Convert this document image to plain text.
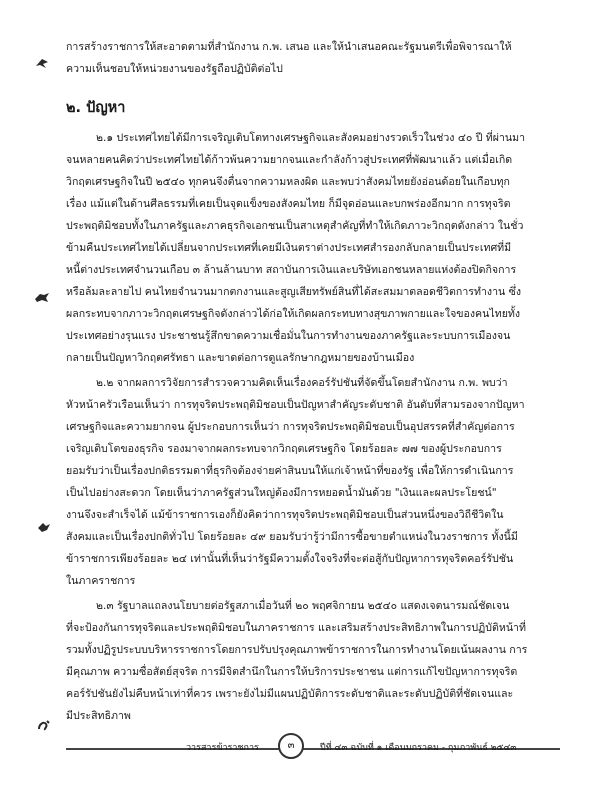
การสร้างราชการให้สะอาดตามที่สำนักงาน ก.พ. เสนอ และให้นำเสนอคณะรัฐมนตรีเพื่อพิจารณาให้
ความเห็นชอบให้หน่วยงานของรัฐถือปฏิบัติต่อไป
๒. ปัญหา
๒.๑ ประเทศไทยได้มีการเจริญเติบโตทางเศรษฐกิจและสังคมอย่างรวดเร็วในช่วง ๔๐ ปี ที่ผ่านมา
จนหลายคนคิดว่าประเทศไทยได้ก้าวพ้นความยากจนและกำลังก้าวสู่ประเทศที่พัฒนาแล้ว แต่เมื่อเกิด
วิกฤตเศรษฐกิจในปี ๒๕๔๐ ทุกคนจึงตื่นจากความหลงผิด และพบว่าสังคมไทยยังอ่อนด้อยในเกือบทุก
เรื่อง แม้แต่ในด้านศีลธรรมที่เคยเป็นจุดแข็งของสังคมไทย ก็มีจุดอ่อนและบกพร่องอีกมาก การทุจริต
ประพฤติมิชอบทั้งในภาครัฐและภาคธุรกิจเอกชนเป็นสาเหตุสำคัญที่ทำให้เกิดภาวะวิกฤตดังกล่าว ในชั่ว
ข้ามคืนประเทศไทยได้เปลี่ยนจากประเทศที่เคยมีเงินตราต่างประเทศสำรองกลับกลายเป็นประเทศที่มี
หนี้ต่างประเทศจำนวนเกือบ ๓ ล้านล้านบาท สถาบันการเงินและบริษัทเอกชนหลายแห่งต้องปิดกิจการ
หรือล้มละลายไป คนไทยจำนวนมากตกงานและสูญเสียทรัพย์สินที่ได้สะสมมาตลอดชีวิตการทำงาน ซึ่ง
ผลกระทบจากภาวะวิกฤตเศรษฐกิจดังกล่าวได้ก่อให้เกิดผลกระทบทางสุขภาพกายและใจของคนไทยทั้ง
ประเทศอย่างรุนแรง ประชาชนรู้สึกขาดความเชื่อมั่นในการทำงานของภาครัฐและระบบการเมืองจน
กลายเป็นปัญหาวิกฤตศรัทธา และขาดต่อการดูแลรักษากฎหมายของบ้านเมือง
๒.๒ จากผลการวิจัยการสำรวจความคิดเห็นเรื่องคอร์รัปชันที่จัดขึ้นโดยสำนักงาน ก.พ. พบว่า
หัวหน้าครัวเรือนเห็นว่า การทุจริตประพฤติมิชอบเป็นปัญหาสำคัญระดับชาติ อันดับที่สามรองจากปัญหา
เศรษฐกิจและความยากจน ผู้ประกอบการเห็นว่า การทุจริตประพฤติมิชอบเป็นอุปสรรคที่สำคัญต่อการ
เจริญเติบโตของธุรกิจ รองมาจากผลกระทบจากวิกฤตเศรษฐกิจ โดยร้อยละ ๗๗ ของผู้ประกอบการ
ยอมรับว่าเป็นเรื่องปกติธรรมดาที่ธุรกิจต้องจ่ายค่าสินบนให้แก่เจ้าหน้าที่ของรัฐ เพื่อให้การดำเนินการ
เป็นไปอย่างสะดวก โดยเห็นว่าภาครัฐส่วนใหญ่ต้องมีการหยอดน้ำมันด้วย "เงินและผลประโยชน์"
งานจึงจะสำเร็จได้ แม้ข้าราชการเองก็ยังคิดว่าการทุจริตประพฤติมิชอบเป็นส่วนหนึ่งของวิถีชีวิตใน
สังคมและเป็นเรื่องปกติทั่วไป โดยร้อยละ ๔๙ ยอมรับว่ารู้ว่ามีการซื้อขายตำแหน่งในวงราชการ ทั้งนี้มี
ข้าราชการเพียงร้อยละ ๒๔ เท่านั้นที่เห็นว่ารัฐมีความตั้งใจจริงที่จะต่อสู้กับปัญหาการทุจริตคอร์รัปชัน
ในภาคราชการ
๒.๓ รัฐบาลแถลงนโยบายต่อรัฐสภาเมื่อวันที่ ๒๐ พฤศจิกายน ๒๕๔๐ แสดงเจตนารมณ์ชัดเจน
ที่จะป้องกันการทุจริตและประพฤติมิชอบในภาคราชการ และเสริมสร้างประสิทธิภาพในการปฏิบัติหน้าที่
รวมทั้งปฏิรูประบบบริหารราชการโดยการปรับปรุงคุณภาพข้าราชการในการทำงานโดยเน้นผลงาน การ
มีคุณภาพ ความซื่อสัตย์สุจริต การมีจิตสำนึกในการให้บริการประชาชน แต่การแก้ไขปัญหาการทุจริต
คอร์รัปชันยังไม่คืบหน้าเท่าที่ควร เพราะยังไม่มีแผนปฏิบัติการระดับชาติและระดับปฏิบัติที่ชัดเจนและ
มีประสิทธิภาพ
วารสารข้าราชการ	๓	ปีที่ ๔๓ ฉบับที่ ๑ เดือนมกราคม - กุมภาพันธ์ ๒๕๔๓
